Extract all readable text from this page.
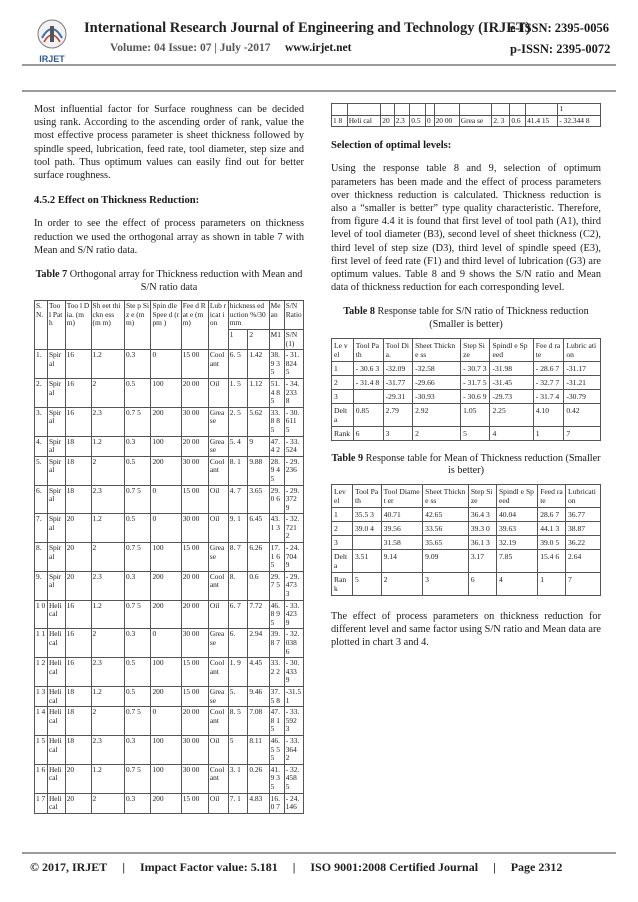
IRJET
International Research Journal of Engineering and Technology (IRJET)
e-ISSN: 2395-0056
Volume: 04 Issue: 07 | July -2017 www.irjet.net	p-ISSN: 2395-0072

Most influential factor for Surface roughness can be decided using rank. According to the ascending order of rank, value the most effective process parameter is sheet thickness followed by spindle speed, lubrication, feed rate, tool diameter, step size and tool path. Thus optimum values can easily find out for better surface roughness.

4.5.2 Effect on Thickness Reduction:

In order to see the effect of process parameters on thickness reduction we used the orthogonal array as shown in table 7 with Mean and S/N ratio data.

Table 7 Orthogonal array for Thickness reduction with Mean and S/N ratio data
S. N.	Too l Pat h	Too l Dia. (m m)	Sh eet thi ckn ess (m m)	Ste p Siz e (m m)	Spin dle Spee d (rpm )	Fee d Rat e (m m)	Lub ricat ion	hickness eduction %/30mm		Mean	S/N Ratio
								1	2	M1	S/N(1)
1.	Spir al	16	1.2	0.3	0	15 00	Cool ant	6. 5	1.42	38.9 35	- 31.824 5
2.	Spir al	16	2	0.5	100	20 00	Oil	1. 5	1.12	51.4 85	- 34.233 8
3.	Spir al	16	2.3	0.7 5	200	30 00	Grea se	2. 5	5.62	33.8 85	- 30.611 5
4.	Spir al	18	1.2	0.3	100	20 00	Grea se	5. 4	9	47.4 2	- 33.524
5.	Spir al	18	2	0.5	200	30 00	Cool ant	8. 1	9.88	28.9 45	- 29.236
6.	Spir al	18	2.3	0.7 5	0	15 00	Oil	4. 7	3.65	29.0 6	- 29.372 9
7.	Spir al	20	1.2	0.5	0	30 00	Oil	9. 1	6.45	43.1 3	- 32.721 2
8.	Spir al	20	2	0.7 5	100	15 00	Grea se	8. 7	6.26	17.1 65	- 24.704 9
9.	Spir al	20	2.3	0.3	200	20 00	Cool ant	8.	0.6	29.7 5	- 29.473 3
1 0	Heli cal	16	1.2	0.7 5	200	20 00	Oil	6. 7	7.72	46.8 95	- 33.423 9
1 1	Heli cal	16	2	0.3	0	30 00	Grea se	6.	2.94	39.8 7	- 32.038 6
1 2	Heli cal	16	2.3	0.5	100	15 00	Cool ant	1. 9	4.45	33.2 2	- 30.433 9
1 3	Heli cal	18	1.2	0.5	200	15 00	Grea se	5.	9.46	37.5 8	-31.51
1 4	Heli cal	18	2	0.7 5	0	20 00	Cool ant	8. 5	7.08	47.8 15	- 33.592 3
1 5	Heli cal	18	2.3	0.3	100	30 00	Oil	5	8.11	46.5 55	- 33.364 2
1 6	Heli cal	20	1.2	0.7 5	100	30 00	Cool ant	3. 1	0.26	41.9 35	- 32.458 5
1 7	Heli cal	20	2	0.3	200	15 00	Oil	7. 1	4.83	16.0 7	- 24.146
											1
1 8	Heli cal	20	2.3	0.5	0	20 00	Grea se	2. 3	0.6	41.4 15	- 32.344 8
Selection of optimal levels:

Using the response table 8 and 9, selection of optimum parameters has been made and the effect of process parameters over thickness reduction is calculated. Thickness reduction is also a “smaller is better” type quality characteristic. Therefore, from figure 4.4 it is found that first level of tool path (A1), third level of tool diameter (B3), second level of sheet thickness (C2), third level of step size (D3), third level of spindle speed (E3), first level of feed rate (F1) and third level of lubrication (G3) are optimum values. Table 8 and 9 shows the S/N ratio and Mean data of thickness reduction for each corresponding level.

Table 8 Response table for S/N ratio of Thickness reduction (Smaller is better)
Le vel	Tool Path	Tool Dia.	Sheet Thickne ss	Step Size	Spindl e Speed	Fee d rate	Lubric ation
1	- 30.6 3	-32.09	-32.58	- 30.7 3	-31.98	- 28.6 7	-31.17
2	- 31.4 8	-31.77	-29.66	- 31.7 5	-31.45	- 32.7 7	-31.21
3		-29.31	-30.93	- 30.6 9	-29.73	- 31.7 4	-30.79
Delt a	0.85	2.79	2.92	1.05	2.25	4.10	0.42
Rank	6	3	2	5	4	1	7
Table 9 Response table for Mean of Thickness reduction (Smaller is better)
Lev el	Tool Path	Tool Diamet er	Sheet Thickne ss	Step Size	Spindl e Speed	Feed rate	Lubricati on
1	35.5 3	40.71	42.65	36.4 3	40.04	28.6 7	36.77
2	39.0 4	39.56	33.56	39.3 0	39.63	44.1 3	38.87
3		31.58	35.65	36.1 3	32.19	39.0 5	36.22
Delt a	3.51	9.14	9.09	3.17	7.85	15.4 6	2.64
Ran k	5	2	3	6	4	1	7

The effect of process parameters on thickness reduction for different level and same factor using S/N ratio and Mean data are plotted in chart 3 and 4.

© 2017, IRJET | Impact Factor value: 5.181 | ISO 9001:2008 Certified Journal | Page 2312
